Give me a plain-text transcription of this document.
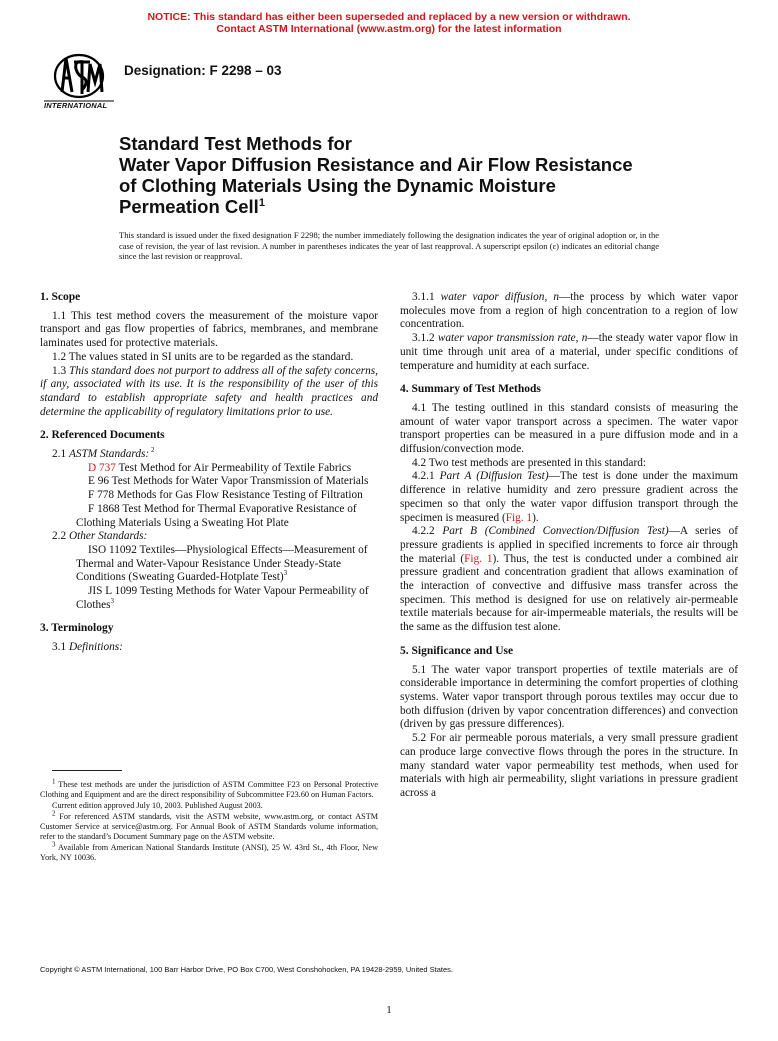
NOTICE: This standard has either been superseded and replaced by a new version or withdrawn.
Contact ASTM International (www.astm.org) for the latest information
INTERNATIONAL
Designation: F 2298 – 03
Standard Test Methods for
Water Vapor Diffusion Resistance and Air Flow Resistance
of Clothing Materials Using the Dynamic Moisture
Permeation Cell$^1$
This standard is issued under the fixed designation F 2298; the number immediately following the designation indicates the year of original adoption or, in the case of revision, the year of last revision. A number in parentheses indicates the year of last reapproval. A superscript epsilon (ε) indicates an editorial change since the last revision or reapproval.
1. Scope

1.1 This test method covers the measurement of the moisture vapor transport and gas flow properties of fabrics, membranes, and membrane laminates used for protective materials.

1.2 The values stated in SI units are to be regarded as the standard.

1.3 This standard does not purport to address all of the safety concerns, if any, associated with its use. It is the responsibility of the user of this standard to establish appropriate safety and health practices and determine the applicability of regulatory limitations prior to use.

2. Referenced Documents

2.1 ASTM Standards: $^2$

D 737 Test Method for Air Permeability of Textile Fabrics

E 96 Test Methods for Water Vapor Transmission of Materials

F 778 Methods for Gas Flow Resistance Testing of Filtration

F 1868 Test Method for Thermal Evaporative Resistance of Clothing Materials Using a Sweating Hot Plate

2.2 Other Standards:

ISO 11092 Textiles—Physiological Effects—Measurement of Thermal and Water-Vapour Resistance Under Steady-State Conditions (Sweating Guarded-Hotplate Test)$^3$

JIS L 1099 Testing Methods for Water Vapour Permeability of Clothes$^3$

3. Terminology

3.1 Definitions:

$^1$ These test methods are under the jurisdiction of ASTM Committee F23 on Personal Protective Clothing and Equipment and are the direct responsibility of Subcommittee F23.60 on Human Factors.

Current edition approved July 10, 2003. Published August 2003.

$^2$ For referenced ASTM standards, visit the ASTM website, www.astm.org, or contact ASTM Customer Service at service@astm.org. For Annual Book of ASTM Standards volume information, refer to the standard’s Document Summary page on the ASTM website.

$^3$ Available from American National Standards Institute (ANSI), 25 W. 43rd St., 4th Floor, New York, NY 10036.

3.1.1 water vapor diffusion, n—the process by which water vapor molecules move from a region of high concentration to a region of low concentration.

3.1.2 water vapor transmission rate, n—the steady water vapor flow in unit time through unit area of a material, under specific conditions of temperature and humidity at each surface.

4. Summary of Test Methods

4.1 The testing outlined in this standard consists of measuring the amount of water vapor transport across a specimen. The water vapor transport properties can be measured in a pure diffusion mode and in a diffusion/convection mode.

4.2 Two test methods are presented in this standard:

4.2.1 Part A (Diffusion Test)—The test is done under the maximum difference in relative humidity and zero pressure gradient across the specimen so that only the water vapor diffusion transport through the specimen is measured (Fig. 1).

4.2.2 Part B (Combined Convection/Diffusion Test)—A series of pressure gradients is applied in specified increments to force air through the material (Fig. 1). Thus, the test is conducted under a combined air pressure gradient and concentration gradient that allows examination of the interaction of convective and diffusive mass transfer across the specimen. This method is designed for use on relatively air-permeable textile materials because for air-impermeable materials, the results will be the same as the diffusion test alone.

5. Significance and Use

5.1 The water vapor transport properties of textile materials are of considerable importance in determining the comfort properties of clothing systems. Water vapor transport through porous textiles may occur due to both diffusion (driven by vapor concentration differences) and convection (driven by gas pressure differences).

5.2 For air permeable porous materials, a very small pressure gradient can produce large convective flows through the pores in the structure. In many standard water vapor permeability test methods, when used for materials with high air permeability, slight variations in pressure gradient across a

Copyright © ASTM International, 100 Barr Harbor Drive, PO Box C700, West Conshohocken, PA 19428-2959, United States.
1
